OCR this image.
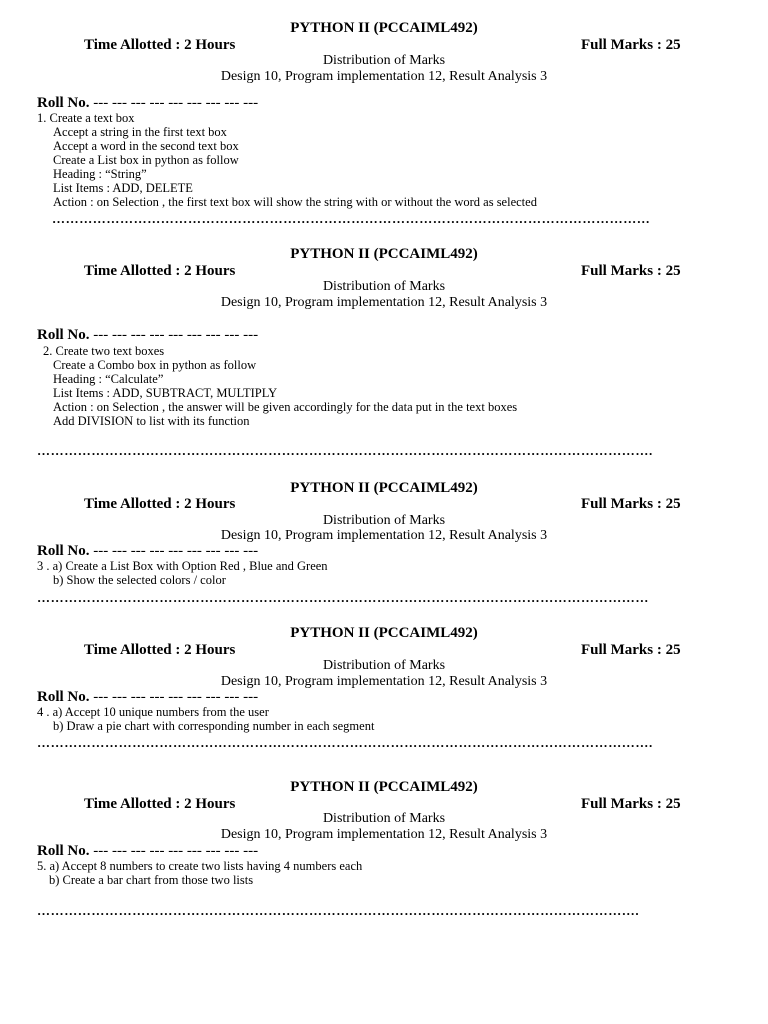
PYTHON II (PCCAIML492)
Time Allotted : 2 Hours	Full Marks : 25
Distribution of Marks
Design 10, Program implementation 12, Result Analysis 3
Roll No. --- --- --- --- --- --- --- --- ---
1. Create a text box
Accept a string in the first text box
Accept a word in the second text box
Create a List box in python as follow
Heading : “String”
List Items : ADD, DELETE
Action : on Selection , the first text box will show the string with or without the word as selected
……………………………………………………………………………………………………………………
PYTHON II (PCCAIML492)
Time Allotted : 2 Hours	Full Marks : 25
Distribution of Marks
Design 10, Program implementation 12, Result Analysis 3
Roll No. --- --- --- --- --- --- --- --- ---
2. Create two text boxes
Create a Combo box in python as follow
Heading : “Calculate”
List Items : ADD, SUBTRACT, MULTIPLY
Action : on Selection , the answer will be given accordingly for the data put in the text boxes
Add DIVISION to list with its function
……………………………………………………………………………………………………………………….
PYTHON II (PCCAIML492)
Time Allotted : 2 Hours	Full Marks : 25
Distribution of Marks
Design 10, Program implementation 12, Result Analysis 3
Roll No. --- --- --- --- --- --- --- --- ---
3 . a) Create a List Box with Option Red , Blue and Green
b) Show the selected colors / color
………………………………………………………………………………………………………………………
PYTHON II (PCCAIML492)
Time Allotted : 2 Hours	Full Marks : 25
Distribution of Marks
Design 10, Program implementation 12, Result Analysis 3
Roll No. --- --- --- --- --- --- --- --- ---
4 . a) Accept 10 unique numbers from the user
b) Draw a pie chart with corresponding number in each segment
……………………………………………………………………………………………………………………….
PYTHON II (PCCAIML492)
Time Allotted : 2 Hours	Full Marks : 25
Distribution of Marks
Design 10, Program implementation 12, Result Analysis 3
Roll No. --- --- --- --- --- --- --- --- ---
5. a) Accept 8 numbers to create two lists having 4 numbers each
b) Create a bar chart from those two lists
…………………………………………………………………………………………………………………….
